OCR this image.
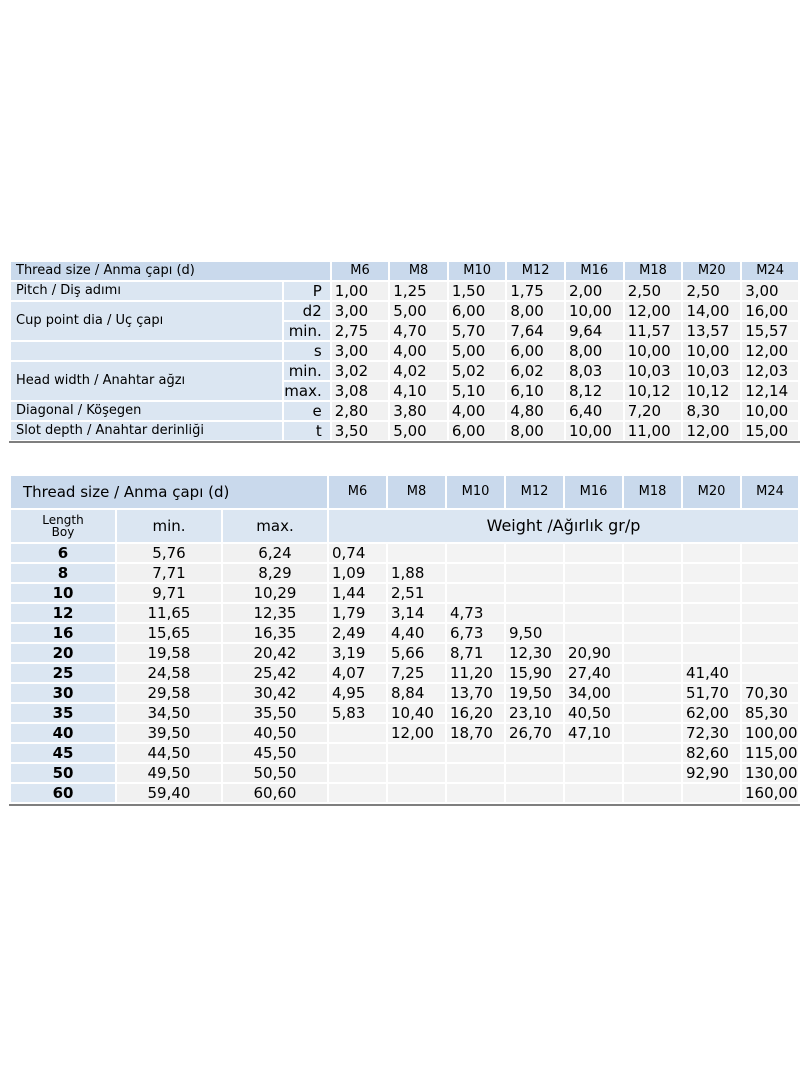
Thread size / Anma çapı (d)		M6	M8	M10	M12	M16	M18	M20	M24
Pitch / Diş adımı	P	1,00	1,25	1,50	1,75	2,00	2,50	2,50	3,00
Cup point dia / Uç çapı	d2	3,00	5,00	6,00	8,00	10,00	12,00	14,00	16,00
	min.	2,75	4,70	5,70	7,64	9,64	11,57	13,57	15,57
	s	3,00	4,00	5,00	6,00	8,00	10,00	10,00	12,00
Head width / Anahtar ağzı	min.	3,02	4,02	5,02	6,02	8,03	10,03	10,03	12,03
	max.	3,08	4,10	5,10	6,10	8,12	10,12	10,12	12,14
Diagonal / Köşegen	e	2,80	3,80	4,00	4,80	6,40	7,20	8,30	10,00
Slot depth / Anahtar derinliği	t	3,50	5,00	6,00	8,00	10,00	11,00	12,00	15,00
Thread size / Anma çapı (d)			M6	M8	M10	M12	M16	M18	M20	M24

Length
Boy	min.	max.	Weight /Ağırlık gr/p							
6	5,76	6,24	0,74							
8	7,71	8,29	1,09	1,88						
10	9,71	10,29	1,44	2,51						
12	11,65	12,35	1,79	3,14	4,73					
16	15,65	16,35	2,49	4,40	6,73	9,50				
20	19,58	20,42	3,19	5,66	8,71	12,30	20,90			
25	24,58	25,42	4,07	7,25	11,20	15,90	27,40		41,40	
30	29,58	30,42	4,95	8,84	13,70	19,50	34,00		51,70	70,30
35	34,50	35,50	5,83	10,40	16,20	23,10	40,50		62,00	85,30
40	39,50	40,50		12,00	18,70	26,70	47,10		72,30	100,00
45	44,50	45,50							82,60	115,00
50	49,50	50,50							92,90	130,00
60	59,40	60,60								160,00
